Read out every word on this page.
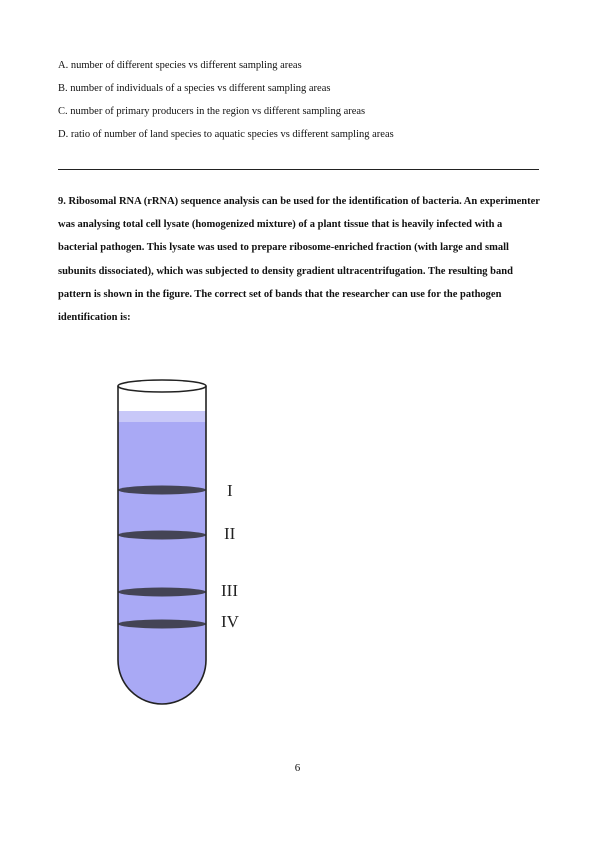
A. number of different species vs different sampling areas
B. number of individuals of a species vs different sampling areas
C. number of primary producers in the region vs different sampling areas
D. ratio of number of land species to aquatic species vs different sampling areas
9. Ribosomal RNA (rRNA) sequence analysis can be used for the identification of bacteria. An experimenter was analysing total cell lysate (homogenized mixture) of a plant tissue that is heavily infected with a bacterial pathogen. This lysate was used to prepare ribosome-enriched fraction (with large and small subunits dissociated), which was subjected to density gradient ultracentrifugation. The resulting band pattern is shown in the figure. The correct set of bands that the researcher can use for the pathogen identification is:
I
II
III
IV
6
